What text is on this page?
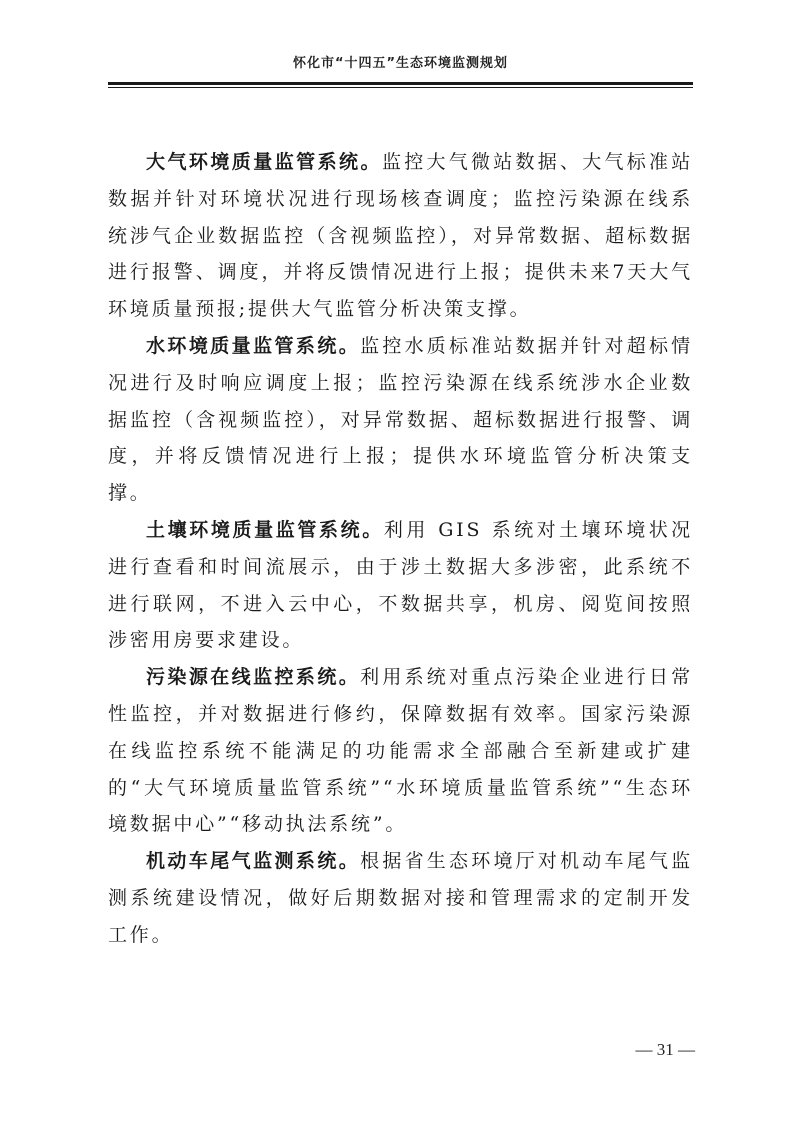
怀化市“十四五”生态环境监测规划

大气环境质量监管系统。监控大气微站数据、大气标准站数据并针对环境状况进行现场核查调度；监控污染源在线系统涉气企业数据监控（含视频监控），对异常数据、超标数据进行报警、调度，并将反馈情况进行上报；提供未来7天大气环境质量预报;提供大气监管分析决策支撑。

水环境质量监管系统。监控水质标准站数据并针对超标情况进行及时响应调度上报；监控污染源在线系统涉水企业数据监控（含视频监控），对异常数据、超标数据进行报警、调度，并将反馈情况进行上报；提供水环境监管分析决策支撑。

土壤环境质量监管系统。利用 GIS 系统对土壤环境状况进行查看和时间流展示，由于涉土数据大多涉密，此系统不进行联网，不进入云中心，不数据共享，机房、阅览间按照涉密用房要求建设。

污染源在线监控系统。利用系统对重点污染企业进行日常性监控，并对数据进行修约，保障数据有效率。国家污染源在线监控系统不能满足的功能需求全部融合至新建或扩建的“大气环境质量监管系统”“水环境质量监管系统”“生态环境数据中心”“移动执法系统”。

机动车尾气监测系统。根据省生态环境厅对机动车尾气监测系统建设情况，做好后期数据对接和管理需求的定制开发工作。

— 31 —
